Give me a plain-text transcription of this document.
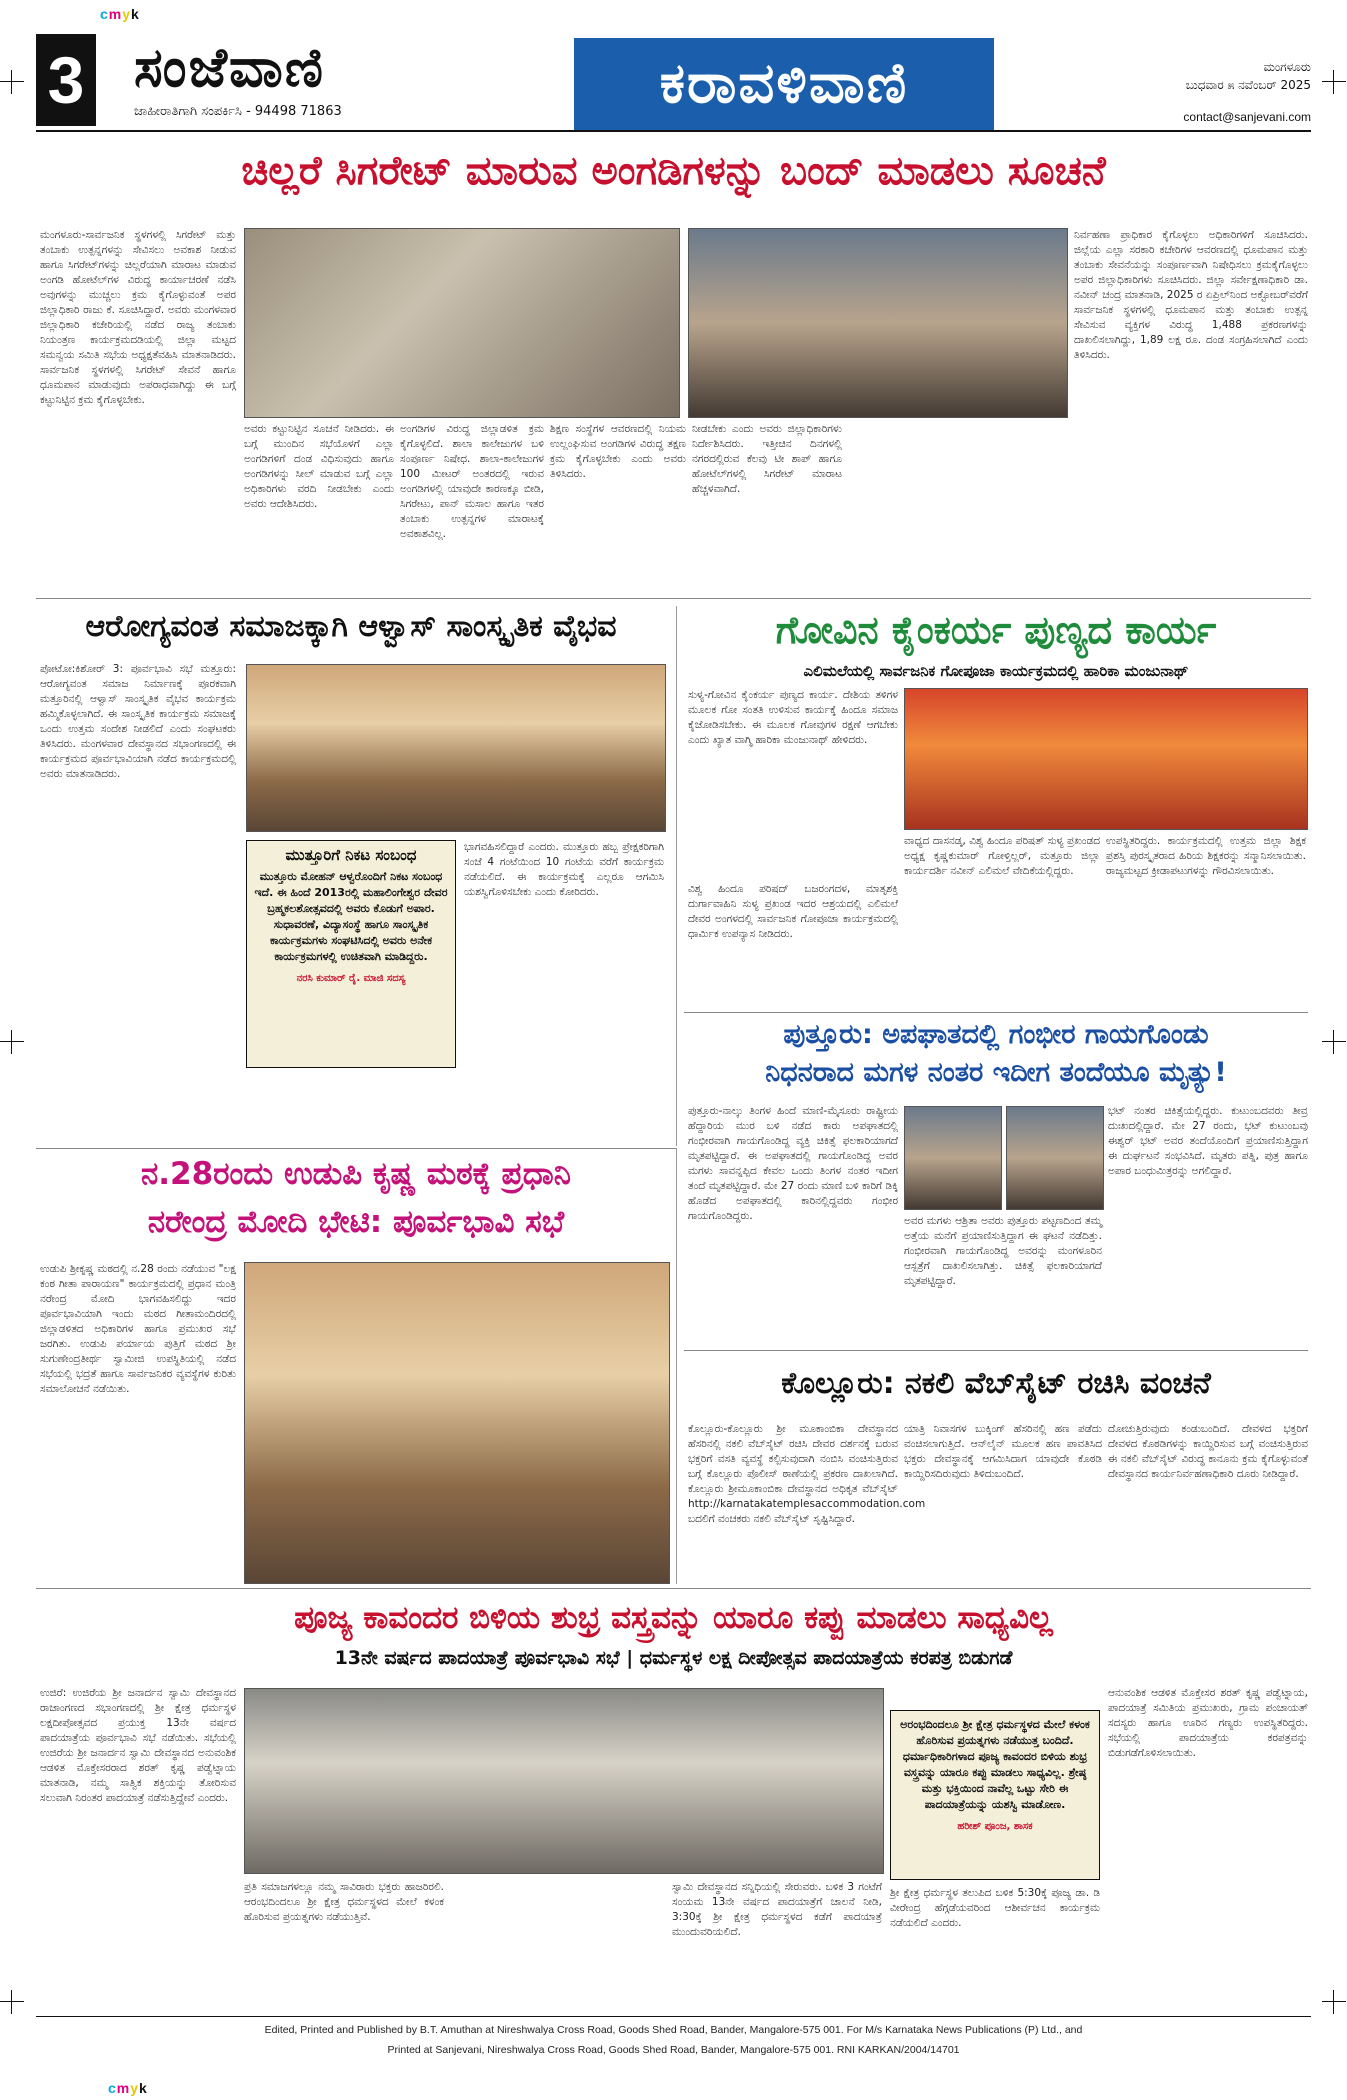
cmyk
cmyk
3 ಸಂಜೆವಾಣಿ
ಜಾಹೀರಾತಿಗಾಗಿ ಸಂಪರ್ಕಿಸಿ - 94498 71863	ಕರಾವಳಿವಾಣಿ	ಮಂಗಳೂರು
ಬುಧವಾರ ೫ ನವೆಂಬರ್ 2025
contact@sanjevani.com
ಚಿಲ್ಲರೆ ಸಿಗರೇಟ್ ಮಾರುವ ಅಂಗಡಿಗಳನ್ನು ಬಂದ್ ಮಾಡಲು ಸೂಚನೆ
ಮಂಗಳೂರು-ಸಾರ್ವಜನಿಕ ಸ್ಥಳಗಳಲ್ಲಿ ಸಿಗರೇಟ್ ಮತ್ತು ತಂಬಾಕು ಉತ್ಪನ್ನಗಳನ್ನು ಸೇವಿಸಲು ಅವಕಾಶ ನೀಡುವ ಹಾಗೂ ಸಿಗರೇಟ್‌ಗಳನ್ನು ಚಿಲ್ಲರೆಯಾಗಿ ಮಾರಾಟ ಮಾಡುವ ಅಂಗಡಿ ಹೋಟೆಲ್‌ಗಳ ವಿರುದ್ಧ ಕಾರ್ಯಾಚರಣೆ ನಡೆಸಿ ಅವುಗಳನ್ನು ಮುಚ್ಚಲು ಕ್ರಮ ಕೈಗೊಳ್ಳುವಂತೆ ಅಪರ ಜಿಲ್ಲಾಧಿಕಾರಿ ರಾಜು ಕೆ. ಸೂಚಿಸಿದ್ದಾರೆ. ಅವರು ಮಂಗಳವಾರ ಜಿಲ್ಲಾಧಿಕಾರಿ ಕಚೇರಿಯಲ್ಲಿ ನಡೆದ ರಾಜ್ಯ ತಂಬಾಕು ನಿಯಂತ್ರಣ ಕಾರ್ಯಕ್ರಮದಡಿಯಲ್ಲಿ ಜಿಲ್ಲಾ ಮಟ್ಟದ ಸಮನ್ವಯ ಸಮಿತಿ ಸಭೆಯ ಅಧ್ಯಕ್ಷತೆವಹಿಸಿ ಮಾತನಾಡಿದರು. ಸಾರ್ವಜನಿಕ ಸ್ಥಳಗಳಲ್ಲಿ ಸಿಗರೇಟ್ ಸೇವನೆ ಹಾಗೂ ಧೂಮಪಾನ ಮಾಡುವುದು ಅಪರಾಧವಾಗಿದ್ದು ಈ ಬಗ್ಗೆ ಕಟ್ಟುನಿಟ್ಟಿನ ಕ್ರಮ ಕೈಗೊಳ್ಳಬೇಕು.
ಅವರು ಕಟ್ಟುನಿಟ್ಟಿನ ಸೂಚನೆ ನೀಡಿದರು. ಈ ಬಗ್ಗೆ ಮುಂದಿನ ಸಭೆಯೊಳಗೆ ಎಲ್ಲಾ ಅಂಗಡಿಗಳಿಗೆ ದಂಡ ವಿಧಿಸುವುದು ಹಾಗೂ ಅಂಗಡಿಗಳನ್ನು ಸೀಲ್ ಮಾಡುವ ಬಗ್ಗೆ ಎಲ್ಲಾ ಅಧಿಕಾರಿಗಳು ವರದಿ ನೀಡಬೇಕು ಎಂದು ಅವರು ಆದೇಶಿಸಿದರು.
ಅಂಗಡಿಗಳ ವಿರುದ್ಧ ಜಿಲ್ಲಾಡಳಿತ ಕ್ರಮ ಕೈಗೊಳ್ಳಲಿದೆ. ಶಾಲಾ ಕಾಲೇಜುಗಳ ಬಳಿ ಸಂಪೂರ್ಣ ನಿಷೇಧ. ಶಾಲಾ-ಕಾಲೇಜುಗಳ 100 ಮೀಟರ್ ಅಂತರದಲ್ಲಿ ಇರುವ ಅಂಗಡಿಗಳಲ್ಲಿ ಯಾವುದೇ ಕಾರಣಕ್ಕೂ ಬೀಡಿ, ಸಿಗರೇಟು, ಪಾನ್ ಮಸಾಲ ಹಾಗೂ ಇತರ ತಂಬಾಕು ಉತ್ಪನ್ನಗಳ ಮಾರಾಟಕ್ಕೆ ಅವಕಾಶವಿಲ್ಲ.
ಶಿಕ್ಷಣ ಸಂಸ್ಥೆಗಳ ಆವರಣದಲ್ಲಿ ನಿಯಮ ಉಲ್ಲಂಘಿಸುವ ಅಂಗಡಿಗಳ ವಿರುದ್ಧ ತಕ್ಷಣ ಕ್ರಮ ಕೈಗೊಳ್ಳಬೇಕು ಎಂದು ಅವರು ತಿಳಿಸಿದರು.
ನೀಡಬೇಕು ಎಂದು ಅವರು ಜಿಲ್ಲಾಧಿಕಾರಿಗಳು ನಿರ್ದೇಶಿಸಿದರು. ಇತ್ತೀಚಿನ ದಿನಗಳಲ್ಲಿ ನಗರದಲ್ಲಿರುವ ಕೆಲವು ಟೀ ಶಾಪ್ ಹಾಗೂ ಹೋಟೆಲ್‌ಗಳಲ್ಲಿ ಸಿಗರೇಟ್ ಮಾರಾಟ ಹೆಚ್ಚಳವಾಗಿದೆ.
ನಿರ್ವಹಣಾ ಪ್ರಾಧಿಕಾರ ಕೈಗೊಳ್ಳಲು ಅಧಿಕಾರಿಗಳಿಗೆ ಸೂಚಿಸಿದರು. ಜಿಲ್ಲೆಯ ಎಲ್ಲಾ ಸರಕಾರಿ ಕಚೇರಿಗಳ ಆವರಣದಲ್ಲಿ ಧೂಮಪಾನ ಮತ್ತು ತಂಬಾಕು ಸೇವನೆಯನ್ನು ಸಂಪೂರ್ಣವಾಗಿ ನಿಷೇಧಿಸಲು ಕ್ರಮಕೈಗೊಳ್ಳಲು ಅಪರ ಜಿಲ್ಲಾಧಿಕಾರಿಗಳು ಸೂಚಿಸಿದರು. ಜಿಲ್ಲಾ ಸರ್ವೇಕ್ಷಣಾಧಿಕಾರಿ ಡಾ. ನವೀನ್ ಚಂದ್ರ ಮಾತನಾಡಿ, 2025 ರ ಏಪ್ರಿಲ್‌ನಿಂದ ಅಕ್ಟೋಬರ್‌ವರೆಗೆ ಸಾರ್ವಜನಿಕ ಸ್ಥಳಗಳಲ್ಲಿ ಧೂಮಪಾನ ಮತ್ತು ತಂಬಾಕು ಉತ್ಪನ್ನ ಸೇವಿಸುವ ವ್ಯಕ್ತಿಗಳ ವಿರುದ್ಧ 1,488 ಪ್ರಕರಣಗಳನ್ನು ದಾಖಲಿಸಲಾಗಿದ್ದು, 1,89 ಲಕ್ಷ ರೂ. ದಂಡ ಸಂಗ್ರಹಿಸಲಾಗಿದೆ ಎಂದು ತಿಳಿಸಿದರು.
ಆರೋಗ್ಯವಂತ ಸಮಾಜಕ್ಕಾಗಿ ಆಳ್ವಾಸ್ ಸಾಂಸ್ಕೃತಿಕ ವೈಭವ
ಪೋಟೋ:ಕಿಶೋರ್ 3: ಪೂರ್ವಭಾವಿ ಸಭೆ ಮತ್ತೂರು: ಆರೋಗ್ಯವಂತ ಸಮಾಜ ನಿರ್ಮಾಣಕ್ಕೆ ಪೂರಕವಾಗಿ ಮತ್ತೂರಿನಲ್ಲಿ ಆಳ್ವಾಸ್ ಸಾಂಸ್ಕೃತಿಕ ವೈಭವ ಕಾರ್ಯಕ್ರಮ ಹಮ್ಮಿಕೊಳ್ಳಲಾಗಿದೆ. ಈ ಸಾಂಸ್ಕೃತಿಕ ಕಾರ್ಯಕ್ರಮ ಸಮಾಜಕ್ಕೆ ಒಂದು ಉತ್ತಮ ಸಂದೇಶ ನೀಡಲಿದೆ ಎಂದು ಸಂಘಟಕರು ತಿಳಿಸಿದರು. ಮಂಗಳವಾರ ದೇವಸ್ಥಾನದ ಸಭಾಂಗಣದಲ್ಲಿ ಈ ಕಾರ್ಯಕ್ರಮದ ಪೂರ್ವಭಾವಿಯಾಗಿ ನಡೆದ ಕಾರ್ಯಕ್ರಮದಲ್ಲಿ ಅವರು ಮಾತನಾಡಿದರು.
ಮುತ್ತೂರಿಗೆ ನಿಕಟ ಸಂಬಂಧ
ಮುತ್ತೂರು ಮೋಹನ್ ಆಳ್ವರೊಂದಿಗೆ ನಿಕಟ ಸಂಬಂಧ ಇದೆ. ಈ ಹಿಂದೆ 2013ರಲ್ಲಿ ಮಹಾಲಿಂಗೇಶ್ವರ ದೇವರ ಬ್ರಹ್ಮಕಲಶೋತ್ಸವದಲ್ಲಿ ಅವರು ಕೊಡುಗೆ ಅಪಾರ. ಸುಧಾವರಣೆ, ವಿದ್ಯಾಸಂಸ್ಥೆ ಹಾಗೂ ಸಾಂಸ್ಕೃತಿಕ ಕಾರ್ಯಕ್ರಮಗಳು ಸಂಘಟಿಸಿದಲ್ಲಿ ಅವರು ಅನೇಕ ಕಾರ್ಯಕ್ರಮಗಳಲ್ಲಿ ಉಚಿತವಾಗಿ ಮಾಡಿದ್ದರು.
ನರಸಿ ಕುಮಾರ್ ರೈ. ಮಾಜಿ ಸದಸ್ಯ
ಭಾಗವಹಿಸಲಿದ್ದಾರೆ ಎಂದರು. ಮುತ್ತೂರು ಹಬ್ಬ ಪ್ರೇಕ್ಷಕರಿಗಾಗಿ ಸಂಜೆ 4 ಗಂಟೆಯಿಂದ 10 ಗಂಟೆಯ ವರೆಗೆ ಕಾರ್ಯಕ್ರಮ ನಡೆಯಲಿದೆ. ಈ ಕಾರ್ಯಕ್ರಮಕ್ಕೆ ಎಲ್ಲರೂ ಆಗಮಿಸಿ ಯಶಸ್ವಿಗೊಳಿಸಬೇಕು ಎಂದು ಕೋರಿದರು.
ಗೋವಿನ ಕೈಂಕರ್ಯ ಪುಣ್ಯದ ಕಾರ್ಯ
ಎಲಿಮಲೆಯಲ್ಲಿ ಸಾರ್ವಜನಿಕ ಗೋಪೂಜಾ ಕಾರ್ಯಕ್ರಮದಲ್ಲಿ ಹಾರಿಕಾ ಮಂಜುನಾಥ್
ಸುಳ್ಯ-ಗೋವಿನ ಕೈಂಕರ್ಯ ಪುಣ್ಯದ ಕಾರ್ಯ. ದೇಶಿಯ ತಳಿಗಳ ಮೂಲಕ ಗೋ ಸಂತತಿ ಉಳಿಸುವ ಕಾರ್ಯಕ್ಕೆ ಹಿಂದೂ ಸಮಾಜ ಕೈಜೋಡಿಸಬೇಕು. ಈ ಮೂಲಕ ಗೋವುಗಳ ರಕ್ಷಣೆ ಆಗಬೇಕು ಎಂದು ಖ್ಯಾತ ವಾಗ್ಮಿ ಹಾರಿಕಾ ಮಂಜುನಾಥ್ ಹೇಳಿದರು.
ವಿಶ್ವ ಹಿಂದೂ ಪರಿಷದ್ ಬಜರಂಗದಳ, ಮಾತೃಶಕ್ತಿ ದುರ್ಗಾವಾಹಿನಿ ಸುಳ್ಯ ಪ್ರಖಂಡ ಇದರ ಆಶ್ರಯದಲ್ಲಿ ಎಲಿಮಲೆ ದೇವರ ಅಂಗಳದಲ್ಲಿ ಸಾರ್ವಜನಿಕ ಗೋಪೂಜಾ ಕಾರ್ಯಕ್ರಮದಲ್ಲಿ ಧಾರ್ಮಿಕ ಉಪನ್ಯಾಸ ನೀಡಿದರು.
ವಾಧ್ಯದ ದಾಸನಡ್ಕ, ವಿಶ್ವ ಹಿಂದೂ ಪರಿಷತ್ ಸುಳ್ಯ ಪ್ರಖಂಡದ ಅಧ್ಯಕ್ಷ ಕೃಷ್ಣಕುಮಾರ್ ಗೋಳ್ತಿಲ್ಲರ್, ಮತ್ತೂರು ಜಿಲ್ಲಾ ಕಾರ್ಯದರ್ಶಿ ನವೀನ್ ಎಲಿಮಲೆ ವೇದಿಕೆಯಲ್ಲಿದ್ದರು.
ಉಪಸ್ಥಿತರಿದ್ದರು. ಕಾರ್ಯಕ್ರಮದಲ್ಲಿ ಉತ್ತಮ ಜಿಲ್ಲಾ ಶಿಕ್ಷಕ ಪ್ರಶಸ್ತಿ ಪುರಸ್ಕೃತರಾದ ಹಿರಿಯ ಶಿಕ್ಷಕರನ್ನು ಸನ್ಮಾನಿಸಲಾಯಿತು. ರಾಜ್ಯಮಟ್ಟದ ಕ್ರೀಡಾಪಟುಗಳನ್ನು ಗೌರವಿಸಲಾಯಿತು.
ಪುತ್ತೂರು: ಅಪಘಾತದಲ್ಲಿ ಗಂಭೀರ ಗಾಯಗೊಂಡು
ನಿಧನರಾದ ಮಗಳ ನಂತರ ಇದೀಗ ತಂದೆಯೂ ಮೃತ್ಯು!
ಪುತ್ತೂರು-ನಾಲ್ಕು ತಿಂಗಳ ಹಿಂದೆ ಮಾಣಿ-ಮೈಸೂರು ರಾಷ್ಟ್ರೀಯ ಹೆದ್ದಾರಿಯ ಮುರ ಬಳಿ ನಡೆದ ಕಾರು ಅಪಘಾತದಲ್ಲಿ ಗಂಭೀರವಾಗಿ ಗಾಯಗೊಂಡಿದ್ದ ವ್ಯಕ್ತಿ ಚಿಕಿತ್ಸೆ ಫಲಕಾರಿಯಾಗದೆ ಮೃತಪಟ್ಟಿದ್ದಾರೆ. ಈ ಅಪಘಾತದಲ್ಲಿ ಗಾಯಗೊಂಡಿದ್ದ ಅವರ ಮಗಳು ಸಾವನ್ನಪ್ಪಿದ ಕೇವಲ ಒಂದು ತಿಂಗಳ ನಂತರ ಇದೀಗ ತಂದೆ ಮೃತಪಟ್ಟಿದ್ದಾರೆ. ಮೇ 27 ರಂದು ಮಾಣಿ ಬಳಿ ಕಾರಿಗೆ ಡಿಕ್ಕಿ ಹೊಡೆದ ಅಪಘಾತದಲ್ಲಿ ಕಾರಿನಲ್ಲಿದ್ದವರು ಗಂಭೀರ ಗಾಯಗೊಂಡಿದ್ದರು.	ಅವರ ಮಗಳು ಆಶ್ರಿತಾ ಅವರು ಪುತ್ತೂರು ಪಟ್ಟಣದಿಂದ ತಮ್ಮ ಅತ್ತೆಯ ಮನೆಗೆ ಪ್ರಯಾಣಿಸುತ್ತಿದ್ದಾಗ ಈ ಘಟನೆ ನಡೆದಿತ್ತು. ಗಂಭೀರವಾಗಿ ಗಾಯಗೊಂಡಿದ್ದ ಅವರನ್ನು ಮಂಗಳೂರಿನ ಆಸ್ಪತ್ರೆಗೆ ದಾಖಲಿಸಲಾಗಿತ್ತು. ಚಿಕಿತ್ಸೆ ಫಲಕಾರಿಯಾಗದೆ ಮೃತಪಟ್ಟಿದ್ದಾರೆ.
ಭಟ್ ನಂತರ ಚಿಕಿತ್ಸೆಯಲ್ಲಿದ್ದರು. ಕುಟುಂಬದವರು ತೀವ್ರ ದುಃಖದಲ್ಲಿದ್ದಾರೆ. ಮೇ 27 ರಂದು, ಭಟ್ ಕುಟುಂಬವು ಈಶ್ವರ್ ಭಟ್ ಅವರ ತಂದೆಯೊಂದಿಗೆ ಪ್ರಯಾಣಿಸುತ್ತಿದ್ದಾಗ ಈ ದುರ್ಘಟನೆ ಸಂಭವಿಸಿದೆ. ಮೃತರು ಪತ್ನಿ, ಪುತ್ರ ಹಾಗೂ ಅಪಾರ ಬಂಧುಮಿತ್ರರನ್ನು ಅಗಲಿದ್ದಾರೆ.
ನ.28ರಂದು ಉಡುಪಿ ಕೃಷ್ಣ ಮಠಕ್ಕೆ ಪ್ರಧಾನಿ
ನರೇಂದ್ರ ಮೋದಿ ಭೇಟಿ: ಪೂರ್ವಭಾವಿ ಸಭೆ
ಉಡುಪಿ ಶ್ರೀಕೃಷ್ಣ ಮಠದಲ್ಲಿ ನ.28 ರಂದು ನಡೆಯುವ "ಲಕ್ಷ ಕಂಠ ಗೀತಾ ಪಾರಾಯಣ" ಕಾರ್ಯಕ್ರಮದಲ್ಲಿ ಪ್ರಧಾನ ಮಂತ್ರಿ ನರೇಂದ್ರ ಮೋದಿ ಭಾಗವಹಿಸಲಿದ್ದು ಇದರ ಪೂರ್ವಭಾವಿಯಾಗಿ ಇಂದು ಮಠದ ಗೀತಾಮಂದಿರದಲ್ಲಿ ಜಿಲ್ಲಾಡಳಿತದ ಅಧಿಕಾರಿಗಳ ಹಾಗೂ ಪ್ರಮುಖರ ಸಭೆ ಜರಗಿತು. ಉಡುಪಿ ಪರ್ಯಾಯ ಪುತ್ತಿಗೆ ಮಠದ ಶ್ರೀ ಸುಗುಣೇಂದ್ರತೀರ್ಥ ಸ್ವಾಮೀಜಿ ಉಪಸ್ಥಿತಿಯಲ್ಲಿ ನಡೆದ ಸಭೆಯಲ್ಲಿ ಭದ್ರತೆ ಹಾಗೂ ಸಾರ್ವಜನಿಕರ ವ್ಯವಸ್ಥೆಗಳ ಕುರಿತು ಸಮಾಲೋಚನೆ ನಡೆಯಿತು.	ಕೊಲ್ಲೂರು: ನಕಲಿ ವೆಬ್‌ಸೈಟ್ ರಚಿಸಿ ವಂಚನೆ
ಕೊಲ್ಲೂರು-ಕೊಲ್ಲೂರು ಶ್ರೀ ಮೂಕಾಂಬಿಕಾ ದೇವಸ್ಥಾನದ ಹೆಸರಿನಲ್ಲಿ ನಕಲಿ ವೆಬ್‌ಸೈಟ್ ರಚಿಸಿ ದೇವರ ದರ್ಶನಕ್ಕೆ ಬರುವ ಭಕ್ತರಿಗೆ ವಸತಿ ವ್ಯವಸ್ಥೆ ಕಲ್ಪಿಸುವುದಾಗಿ ನಂಬಿಸಿ ವಂಚಿಸುತ್ತಿರುವ ಬಗ್ಗೆ ಕೊಲ್ಲೂರು ಪೊಲೀಸ್ ಠಾಣೆಯಲ್ಲಿ ಪ್ರಕರಣ ದಾಖಲಾಗಿದೆ. ಕೊಲ್ಲೂರು ಶ್ರೀಮೂಕಾಂಬಿಕಾ ದೇವಸ್ಥಾನದ ಅಧಿಕೃತ ವೆಬ್‌ಸೈಟ್ http://karnatakatemplesaccommodation.com ಬದಲಿಗೆ ವಂಚಕರು ನಕಲಿ ವೆಬ್‌ಸೈಟ್ ಸೃಷ್ಟಿಸಿದ್ದಾರೆ.
ಯಾತ್ರಿ ನಿವಾಸಗಳ ಬುಕ್ಕಿಂಗ್ ಹೆಸರಿನಲ್ಲಿ ಹಣ ಪಡೆದು ವಂಚಿಸಲಾಗುತ್ತಿದೆ. ಆನ್‌ಲೈನ್ ಮೂಲಕ ಹಣ ಪಾವತಿಸಿದ ಭಕ್ತರು ದೇವಸ್ಥಾನಕ್ಕೆ ಆಗಮಿಸಿದಾಗ ಯಾವುದೇ ಕೊಠಡಿ ಕಾಯ್ದಿರಿಸದಿರುವುದು ತಿಳಿದುಬಂದಿದೆ.
ದೋಚುತ್ತಿರುವುದು ಕಂಡುಬಂದಿದೆ. ದೇವಳದ ಭಕ್ತರಿಗೆ ದೇವಳದ ಕೊಠಡಿಗಳನ್ನು ಕಾಯ್ದಿರಿಸುವ ಬಗ್ಗೆ ವಂಚಿಸುತ್ತಿರುವ ಈ ನಕಲಿ ವೆಬ್‌ಸೈಟ್ ವಿರುದ್ಧ ಕಾನೂನು ಕ್ರಮ ಕೈಗೊಳ್ಳುವಂತೆ ದೇವಸ್ಥಾನದ ಕಾರ್ಯನಿರ್ವಹಣಾಧಿಕಾರಿ ದೂರು ನೀಡಿದ್ದಾರೆ.
ಪೂಜ್ಯ ಕಾವಂದರ ಬಿಳಿಯ ಶುಭ್ರ ವಸ್ತ್ರವನ್ನು ಯಾರೂ ಕಪ್ಪು ಮಾಡಲು ಸಾಧ್ಯವಿಲ್ಲ
13ನೇ ವರ್ಷದ ಪಾದಯಾತ್ರೆ ಪೂರ್ವಭಾವಿ ಸಭೆ | ಧರ್ಮಸ್ಥಳ ಲಕ್ಷ ದೀಪೋತ್ಸವ ಪಾದಯಾತ್ರೆಯ ಕರಪತ್ರ ಬಿಡುಗಡೆ
ಉಜಿರೆ: ಉಜಿರೆಯ ಶ್ರೀ ಜನಾರ್ದನ ಸ್ವಾಮಿ ದೇವಸ್ಥಾನದ ರಾಜಾಂಗಣದ ಸಭಾಂಗಣದಲ್ಲಿ ಶ್ರೀ ಕ್ಷೇತ್ರ ಧರ್ಮಸ್ಥಳ ಲಕ್ಷದೀಪೋತ್ಸವದ ಪ್ರಯುಕ್ತ 13ನೇ ವರ್ಷದ ಪಾದಯಾತ್ರೆಯ ಪೂರ್ವಭಾವಿ ಸಭೆ ನಡೆಯಿತು. ಸಭೆಯಲ್ಲಿ ಉಜಿರೆಯ ಶ್ರೀ ಜನಾರ್ದನ ಸ್ವಾಮಿ ದೇವಸ್ಥಾನದ ಅನುವಂಶಿಕ ಆಡಳಿತ ಮೊಕ್ತೇಸರರಾದ ಶರತ್ ಕೃಷ್ಣ ಪಡ್ವೆಟ್ನಾಯ ಮಾತನಾಡಿ, ನಮ್ಮ ಸಾತ್ವಿಕ ಶಕ್ತಿಯನ್ನು ತೋರಿಸುವ ಸಲುವಾಗಿ ನಿರಂತರ ಪಾದಯಾತ್ರೆ ನಡೆಸುತ್ತಿದ್ದೇವೆ ಎಂದರು.
ಅರಂಭದಿಂದಲೂ ಶ್ರೀ ಕ್ಷೇತ್ರ ಧರ್ಮಸ್ಥಳದ ಮೇಲೆ ಕಳಂಕ ಹೊರಿಸುವ ಪ್ರಯತ್ನಗಳು ನಡೆಯುತ್ತ ಬಂದಿದೆ. ಧರ್ಮಾಧಿಕಾರಿಗಳಾದ ಪೂಜ್ಯ ಕಾವಂದರ ಬಿಳಿಯ ಶುಭ್ರ ವಸ್ತ್ರವನ್ನು ಯಾರೂ ಕಪ್ಪು ಮಾಡಲು ಸಾಧ್ಯವಿಲ್ಲ. ಶ್ರೇಷ್ಠ ಮತ್ತು ಭಕ್ತಿಯಿಂದ ನಾವೆಲ್ಲ ಒಟ್ಟು ಸೇರಿ ಈ ಪಾದಯಾತ್ರೆಯನ್ನು ಯಶಸ್ವಿ ಮಾಡೋಣ.
ಹರೀಶ್ ಪೂಂಜ, ಶಾಸಕ
ಪ್ರತಿ ಸಮಾಜಗಳಲ್ಲೂ ನಮ್ಮ ಸಾವಿರಾರು ಭಕ್ತರು ಹಾಜರಿರಲಿ. ಆರಂಭದಿಂದಲೂ ಶ್ರೀ ಕ್ಷೇತ್ರ ಧರ್ಮಸ್ಥಳದ ಮೇಲೆ ಕಳಂಕ ಹೊರಿಸುವ ಪ್ರಯತ್ನಗಳು ನಡೆಯುತ್ತಿವೆ.
ಸ್ವಾಮಿ ದೇವಸ್ಥಾನದ ಸನ್ನಿಧಿಯಲ್ಲಿ ಸೇರುವರು. ಬಳಿಕ 3 ಗಂಟೆಗೆ ಸಂಯಮ 13ನೇ ವರ್ಷದ ಪಾದಯಾತ್ರೆಗೆ ಚಾಲನೆ ನೀಡಿ, 3:30ಕ್ಕೆ ಶ್ರೀ ಕ್ಷೇತ್ರ ಧರ್ಮಸ್ಥಳದ ಕಡೆಗೆ ಪಾದಯಾತ್ರೆ ಮುಂದುವರಿಯಲಿದೆ.
ಶ್ರೀ ಕ್ಷೇತ್ರ ಧರ್ಮಸ್ಥಳ ತಲುಪಿದ ಬಳಿಕ 5:30ಕ್ಕೆ ಪೂಜ್ಯ ಡಾ. ಡಿ ವೀರೇಂದ್ರ ಹೆಗ್ಗಡೆಯವರಿಂದ ಆಶೀರ್ವಚನ ಕಾರ್ಯಕ್ರಮ ನಡೆಯಲಿದೆ ಎಂದರು.
ಆನುವಂಶಿಕ ಆಡಳಿತ ಮೊಕ್ತೇಸರ ಶರತ್ ಕೃಷ್ಣ ಪಡ್ವೆಟ್ನಾಯ, ಪಾದಯಾತ್ರೆ ಸಮಿತಿಯ ಪ್ರಮುಖರು, ಗ್ರಾಮ ಪಂಚಾಯತ್ ಸದಸ್ಯರು ಹಾಗೂ ಊರಿನ ಗಣ್ಯರು ಉಪಸ್ಥಿತರಿದ್ದರು. ಸಭೆಯಲ್ಲಿ ಪಾದಯಾತ್ರೆಯ ಕರಪತ್ರವನ್ನು ಬಿಡುಗಡೆಗೊಳಿಸಲಾಯಿತು.
Edited, Printed and Published by B.T. Amuthan at Nireshwalya Cross Road, Goods Shed Road, Bander, Mangalore-575 001. For M/s Karnataka News Publications (P) Ltd., and
Printed at Sanjevani, Nireshwalya Cross Road, Goods Shed Road, Bander, Mangalore-575 001. RNI KARKAN/2004/14701
